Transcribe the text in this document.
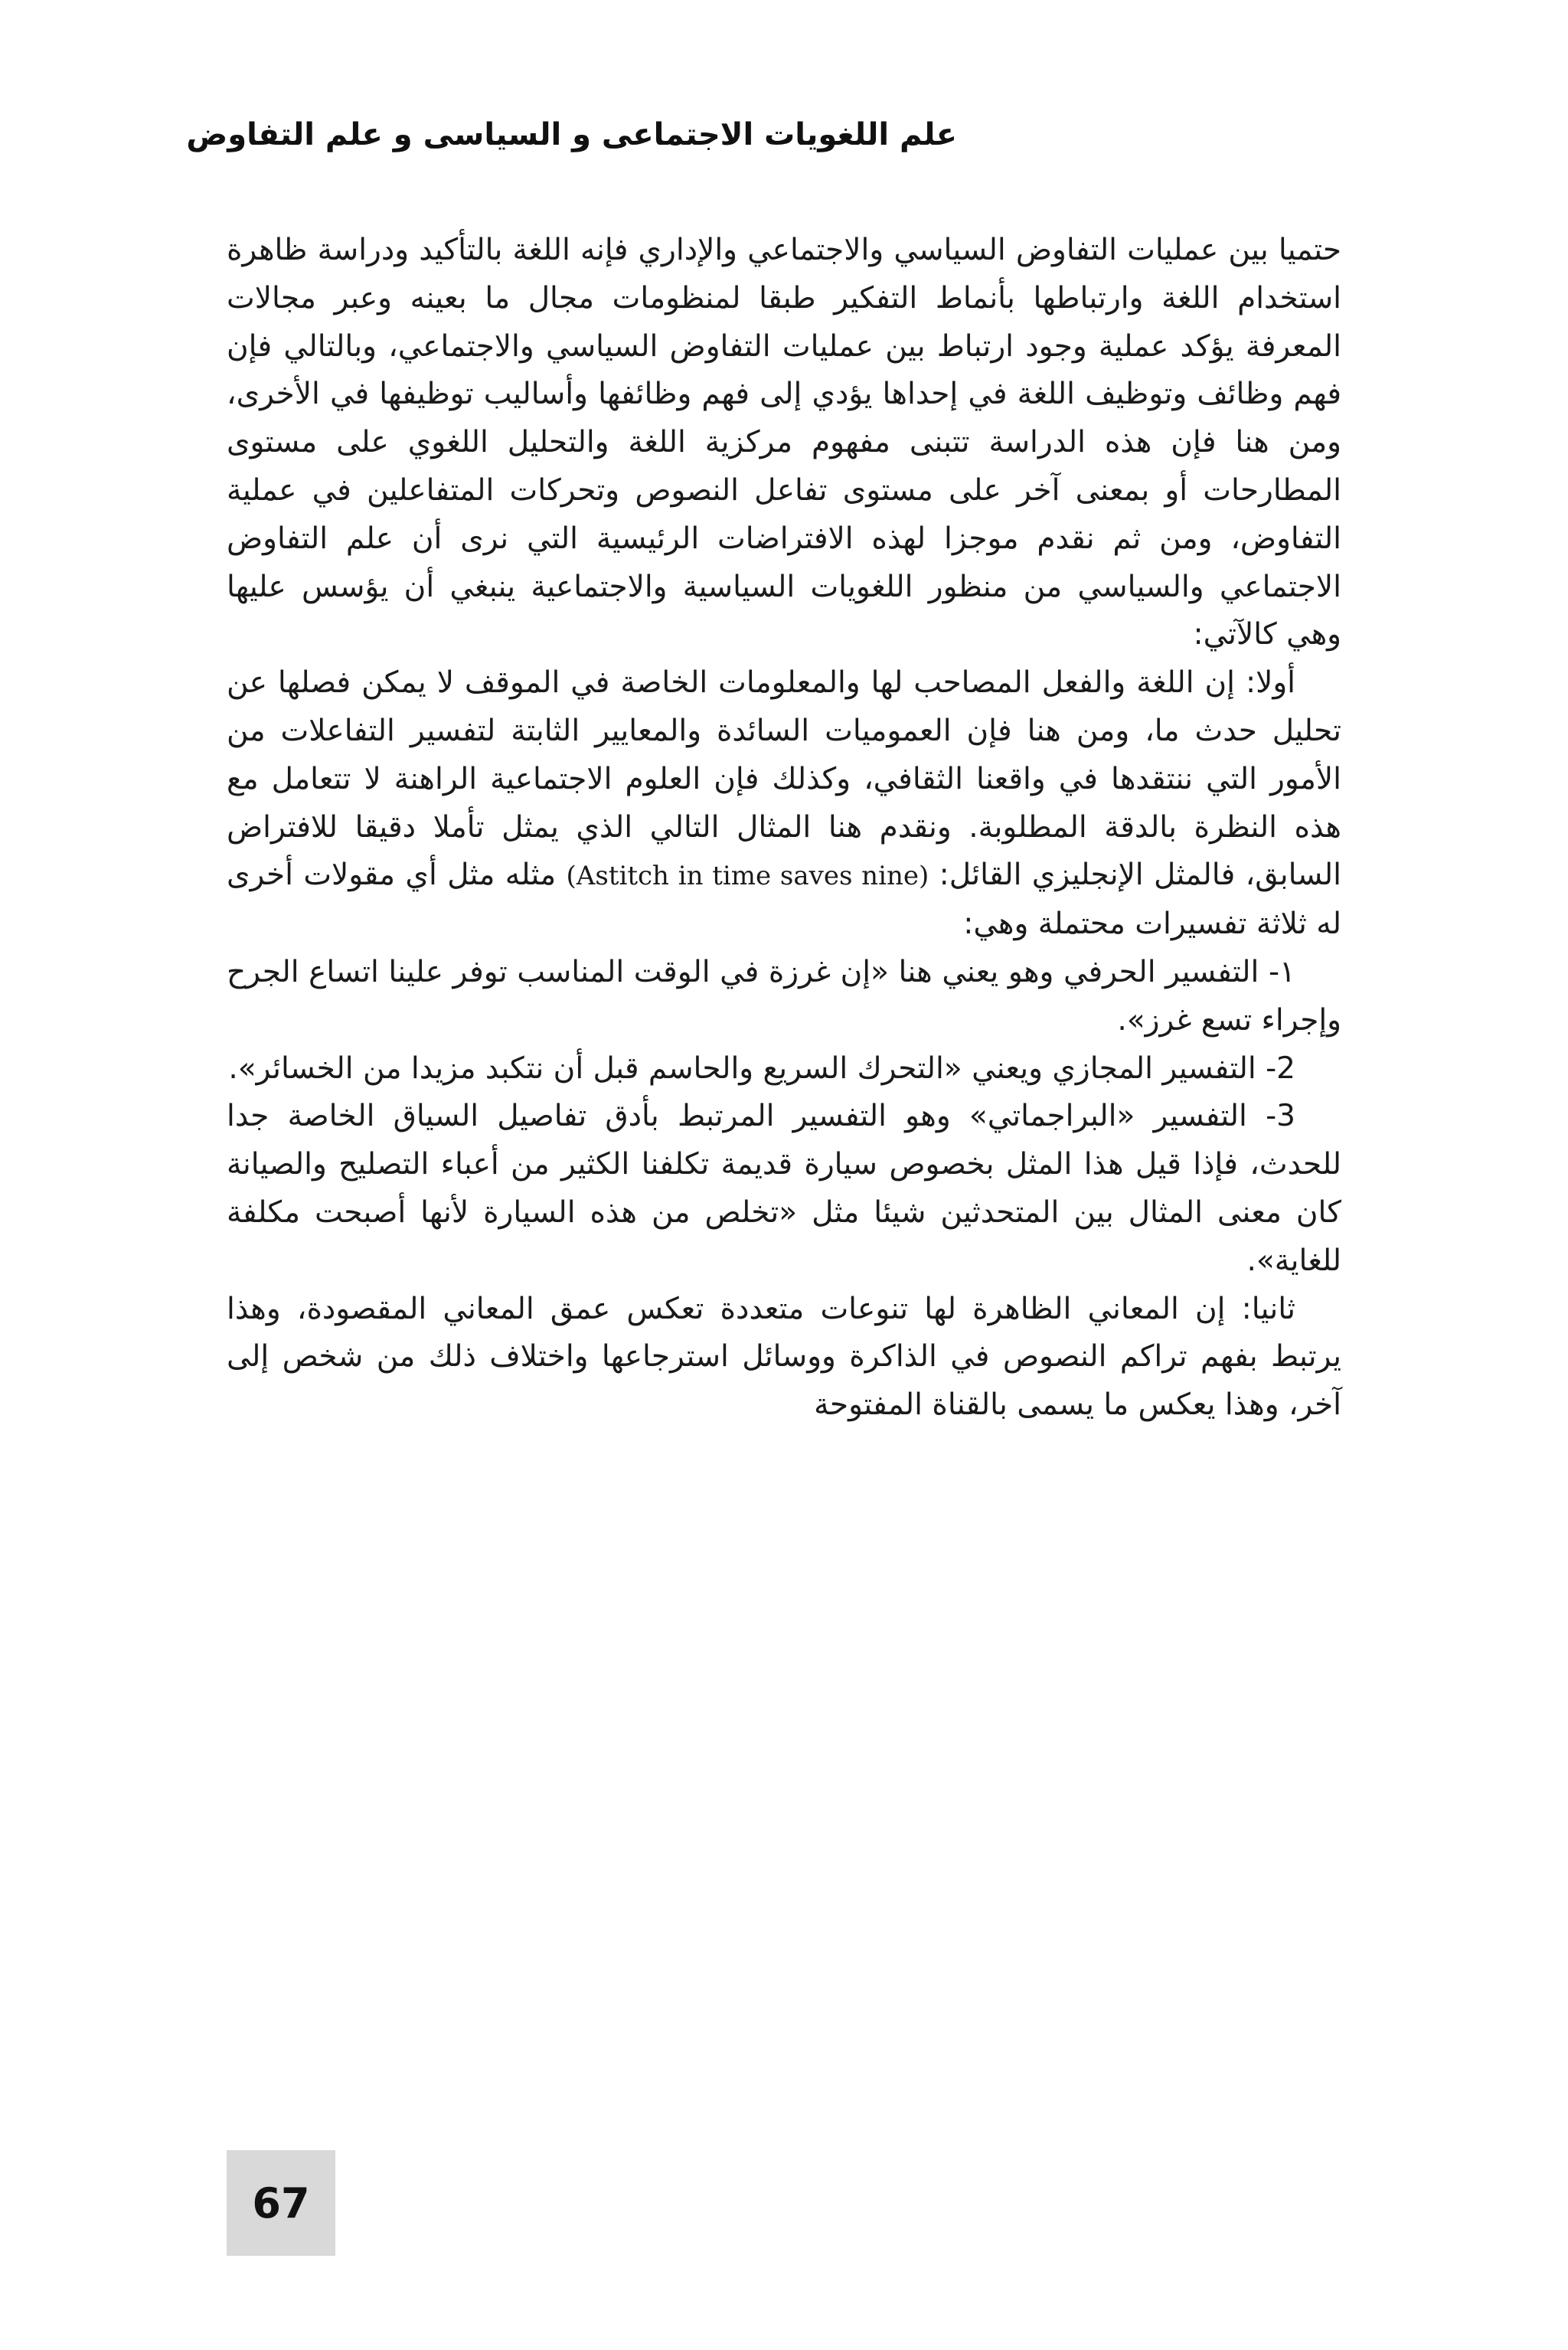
علم اللغويات الاجتماعى و السياسى و علم التفاوض

حتميا بين عمليات التفاوض السياسي والاجتماعي والإداري فإنه اللغة بالتأكيد ودراسة ظاهرة استخدام اللغة وارتباطها بأنماط التفكير طبقا لمنظومات مجال ما بعينه وعبر مجالات المعرفة يؤكد عملية وجود ارتباط بين عمليات التفاوض السياسي والاجتماعي، وبالتالي فإن فهم وظائف وتوظيف اللغة في إحداها يؤدي إلى فهم وظائفها وأساليب توظيفها في الأخرى، ومن هنا فإن هذه الدراسة تتبنى مفهوم مركزية اللغة والتحليل اللغوي على مستوى المطارحات أو بمعنى آخر على مستوى تفاعل النصوص وتحركات المتفاعلين في عملية التفاوض، ومن ثم نقدم موجزا لهذه الافتراضات الرئيسية التي نرى أن علم التفاوض الاجتماعي والسياسي من منظور اللغويات السياسية والاجتماعية ينبغي أن يؤسس عليها وهي كالآتي:

أولا: إن اللغة والفعل المصاحب لها والمعلومات الخاصة في الموقف لا يمكن فصلها عن تحليل حدث ما، ومن هنا فإن العموميات السائدة والمعايير الثابتة لتفسير التفاعلات من الأمور التي ننتقدها في واقعنا الثقافي، وكذلك فإن العلوم الاجتماعية الراهنة لا تتعامل مع هذه النظرة بالدقة المطلوبة. ونقدم هنا المثال التالي الذي يمثل تأملا دقيقا للافتراض السابق، فالمثل الإنجليزي القائل: (Astitch in time saves nine) مثله مثل أي مقولات أخرى له ثلاثة تفسيرات محتملة وهي:

١- التفسير الحرفي وهو يعني هنا «إن غرزة في الوقت المناسب توفر علينا اتساع الجرح وإجراء تسع غرز».

2- التفسير المجازي ويعني «التحرك السريع والحاسم قبل أن نتكبد مزيدا من الخسائر».

3- التفسير «البراجماتي» وهو التفسير المرتبط بأدق تفاصيل السياق الخاصة جدا للحدث، فإذا قيل هذا المثل بخصوص سيارة قديمة تكلفنا الكثير من أعباء التصليح والصيانة كان معنى المثال بين المتحدثين شيئا مثل «تخلص من هذه السيارة لأنها أصبحت مكلفة للغاية».

ثانيا: إن المعاني الظاهرة لها تنوعات متعددة تعكس عمق المعاني المقصودة، وهذا يرتبط بفهم تراكم النصوص في الذاكرة ووسائل استرجاعها واختلاف ذلك من شخص إلى آخر، وهذا يعكس ما يسمى بالقناة المفتوحة

67
